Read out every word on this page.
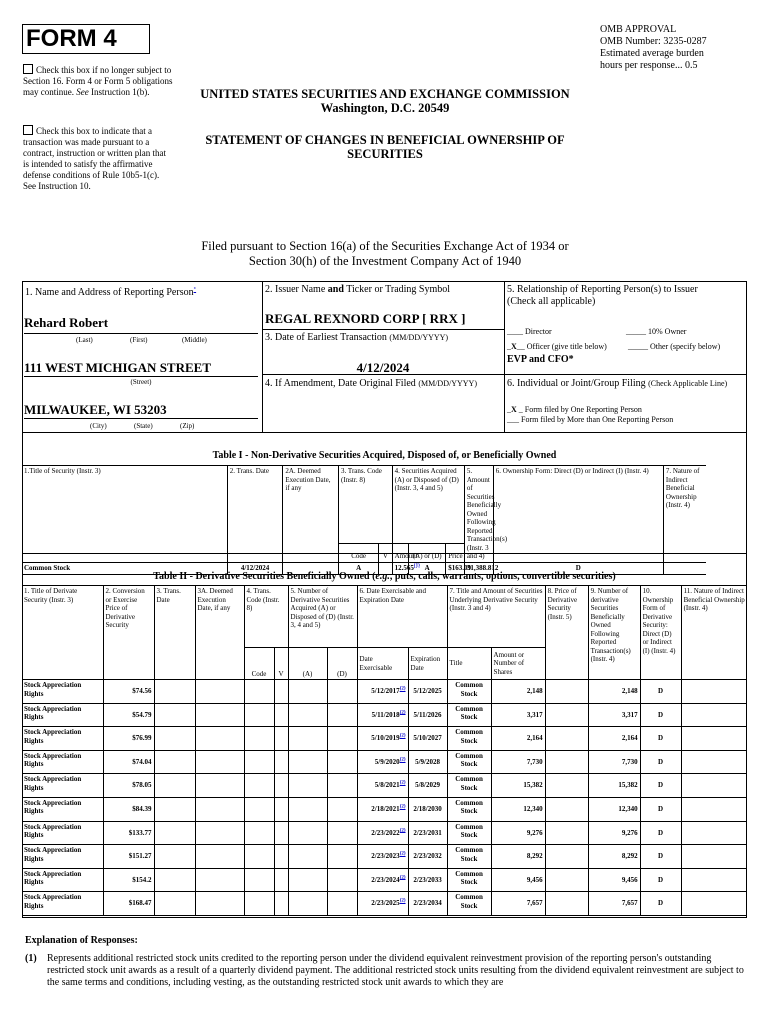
FORM 4
Check this box if no longer subject to Section 16. Form 4 or Form 5 obligations may continue. See Instruction 1(b).
Check this box to indicate that a transaction was made pursuant to a contract, instruction or written plan that is intended to satisfy the affirmative defense conditions of Rule 10b5-1(c). See Instruction 10.
UNITED STATES SECURITIES AND EXCHANGE COMMISSION
Washington, D.C. 20549
STATEMENT OF CHANGES IN BENEFICIAL OWNERSHIP OF SECURITIES
OMB APPROVAL
OMB Number: 3235-0287
Estimated average burden
hours per response... 0.5
Filed pursuant to Section 16(a) of the Securities Exchange Act of 1934 or
Section 30(h) of the Investment Company Act of 1940
1. Name and Address of Reporting Person*
Rehard Robert
(Last)	(First)	(Middle)
111 WEST MICHIGAN STREET
(Street)
MILWAUKEE, WI 53203
(City)	(State)	(Zip)
2. Issuer Name and Ticker or Trading Symbol
REGAL REXNORD CORP [ RRX ]
3. Date of Earliest Transaction (MM/DD/YYYY)
4/12/2024
4. If Amendment, Date Original Filed (MM/DD/YYYY)
5. Relationship of Reporting Person(s) to Issuer
(Check all applicable)
____ Director	_____ 10% Owner
_X__ Officer (give title below)	_____ Other (specify below)
EVP and CFO*
6. Individual or Joint/Group Filing (Check Applicable Line)
_X _ Form filed by One Reporting Person
___ Form filed by More than One Reporting Person
Table I - Non-Derivative Securities Acquired, Disposed of, or Beneficially Owned
1.Title of Security (Instr. 3)	2. Trans. Date	2A. Deemed Execution Date, if any	3. Trans. Code (Instr. 8)		4. Securities Acquired (A) or Disposed of (D) (Instr. 3, 4 and 5)			5. Amount of Securities Beneficially Owned Following Reported Transaction(s) (Instr. 3 and 4)	6. Ownership Form: Direct (D) or Indirect (I) (Instr. 4)	7. Nature of Indirect Beneficial Ownership (Instr. 4)
			Code	V	Amount	(A) or (D)	Price			
Common Stock	4/12/2024		A		12.565$^{(1)}$	A	$163.09	31,388.812	D	
Table II - Derivative Securities Beneficially Owned (e.g., puts, calls, warrants, options, convertible securities)
1. Title of Derivate Security (Instr. 3)	2. Conversion or Exercise Price of Derivative Security	3. Trans. Date	3A. Deemed Execution Date, if any	4. Trans. Code (Instr. 8)		5. Number of Derivative Securities Acquired (A) or Disposed of (D) (Instr. 3, 4 and 5)		6. Date Exercisable and Expiration Date		7. Title and Amount of Securities Underlying Derivative Security (Instr. 3 and 4)		8. Price of Derivative Security (Instr. 5)	9. Number of derivative Securities Beneficially Owned Following Reported Transaction(s) (Instr. 4)	10. Ownership Form of Derivative Security: Direct (D) or Indirect (I) (Instr. 4)	11. Nature of Indirect Beneficial Ownership (Instr. 4)
				Code	V	(A)	(D)	Date Exercisable	Expiration Date	Title	Amount or Number of Shares				
Stock Appreciation Rights	$74.56							5/12/2017$^{(2)}$	5/12/2025	Common Stock	2,148		2,148	D	
Stock Appreciation Rights	$54.79							5/11/2018$^{(2)}$	5/11/2026	Common Stock	3,317		3,317	D	
Stock Appreciation Rights	$76.99							5/10/2019$^{(2)}$	5/10/2027	Common Stock	2,164		2,164	D	
Stock Appreciation Rights	$74.04							5/9/2020$^{(2)}$	5/9/2028	Common Stock	7,730		7,730	D	
Stock Appreciation Rights	$78.05							5/8/2021$^{(2)}$	5/8/2029	Common Stock	15,382		15,382	D	
Stock Appreciation Rights	$84.39							2/18/2021$^{(2)}$	2/18/2030	Common Stock	12,340		12,340	D	
Stock Appreciation Rights	$133.77							2/23/2022$^{(2)}$	2/23/2031	Common Stock	9,276		9,276	D	
Stock Appreciation Rights	$151.27							2/23/2023$^{(2)}$	2/23/2032	Common Stock	8,292		8,292	D	
Stock Appreciation Rights	$154.2							2/23/2024$^{(2)}$	2/23/2033	Common Stock	9,456		9,456	D	
Stock Appreciation Rights	$168.47							2/23/2025$^{(2)}$	2/23/2034	Common Stock	7,657		7,657	D	
Explanation of Responses:
(1) Represents additional restricted stock units credited to the reporting person under the dividend equivalent reinvestment provision of the reporting person's outstanding restricted stock unit awards as a result of a quarterly dividend payment. The additional restricted stock units resulting from the dividend equivalent reinvestment are subject to the same terms and conditions, including vesting, as the outstanding restricted stock unit awards to which they are
